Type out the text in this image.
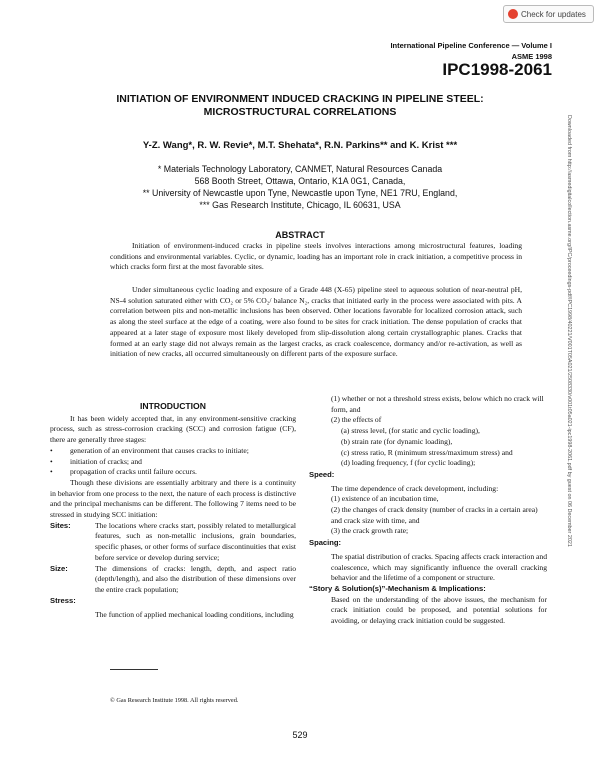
Check for updates
International Pipeline Conference — Volume I
ASME 1998
IPC1998-2061
INITIATION OF ENVIRONMENT INDUCED CRACKING IN PIPELINE STEEL:
MICROSTRUCTURAL CORRELATIONS
Y-Z. Wang*, R. W. Revie*, M.T. Shehata*, R.N. Parkins** and K. Krist ***
* Materials Technology Laboratory, CANMET, Natural Resources Canada
568 Booth Street, Ottawa, Ontario, K1A 0G1, Canada,
** University of Newcastle upon Tyne, Newcastle upon Tyne, NE1 7RU, England,
*** Gas Research Institute, Chicago, IL 60631, USA
ABSTRACT

Initiation of environment-induced cracks in pipeline steels involves interactions among microstructural features, loading conditions and environmental variables. Cyclic, or dynamic, loading has an important role in crack initiation, a competitive process in which cracks form first at the most favorable sites.

Under simultaneous cyclic loading and exposure of a Grade 448 (X-65) pipeline steel to aqueous solution of near-neutral pH, NS-4 solution saturated either with CO₂ or 5% CO₂/ balance N₂, cracks that initiated early in the process were associated with pits. A correlation between pits and non-metallic inclusions has been observed. Other locations favorable for localized corrosion attack, such as along the steel surface at the edge of a coating, were also found to be sites for crack initiation. The dense population of cracks that appeared at a later stage of exposure most likely developed from slip-dissolution along certain crystallographic planes. Cracks that formed at an early stage did not always remain as the largest cracks, as crack coalescence, dormancy and/or re-activation, as well as initiation of new cracks, all occurred simultaneously on different parts of the exposure surface.

INTRODUCTION

It has been widely accepted that, in any environment-sensitive cracking process, such as stress-corrosion cracking (SCC) and corrosion fatigue (CF), there are generally three stages:

• generation of an environment that causes cracks to initiate;
• initiation of cracks; and
• propagation of cracks until failure occurs.

Though these divisions are essentially arbitrary and there is a continuity in behavior from one process to the next, the nature of each process is distinctive and the principal mechanisms can be different. The following 7 items need to be stressed in studying SCC initiation:

Sites:	The locations where cracks start, possibly related to metallurgical features, such as non-metallic inclusions, grain boundaries, specific phases, or other forms of surface discontinuities that exist before service or develop during service;
Size:	The dimensions of cracks: length, depth, and aspect ratio (depth/length), and also the distribution of these dimensions over the entire crack population;
Stress:
The function of applied mechanical loading conditions, including
(1) whether or not a threshold stress exists, below which no crack will form, and
(2) the effects of
(a) stress level, (for static and cyclic loading),
(b) strain rate (for dynamic loading),
(c) stress ratio, R (minimum stress/maximum stress) and
(d) loading frequency, f (for cyclic loading);
Speed:
The time dependence of crack development, including:
(1) existence of an incubation time,
(2) the changes of crack density (number of cracks in a certain area) and crack size with time, and
(3) the crack growth rate;
Spacing:

The spatial distribution of cracks. Spacing affects crack interaction and coalescence, which may significantly influence the overall cracking behavior and the lifetime of a component or structure.

“Story & Solution(s)”-Mechanism & Implications:

Based on the understanding of the above issues, the mechanism for crack initiation could be proposed, and potential solutions for avoiding, or delaying crack initiation could be suggested.

Downloaded from http://asmedigitalcollection.asme.org/IPC/proceedings-pdf/IPC1998/40221/V001T05A021/2508330/v001t05a021-ipc1998-2061.pdf by guest on 06 December 2021
© Gas Research Institute 1998. All rights reserved.
529
